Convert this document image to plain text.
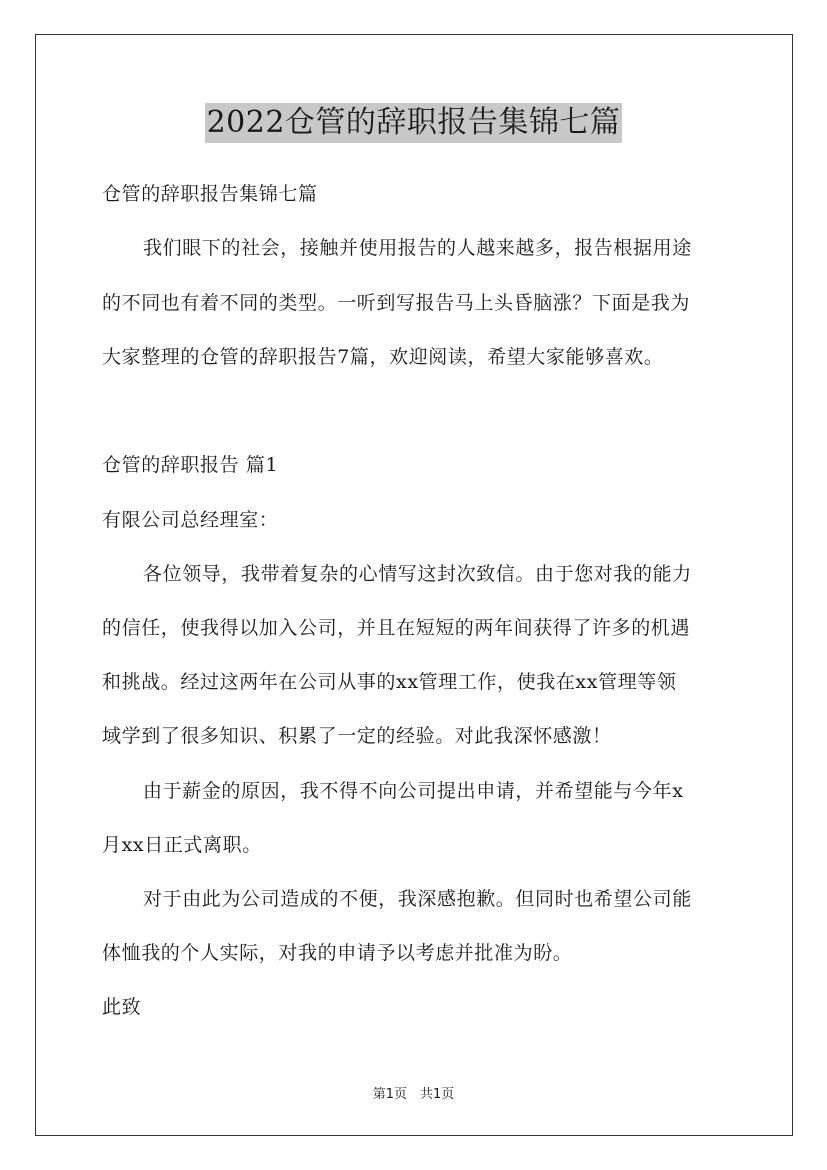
2022仓管的辞职报告集锦七篇
仓管的辞职报告集锦七篇
我们眼下的社会，接触并使用报告的人越来越多，报告根据用途
的不同也有着不同的类型。一听到写报告马上头昏脑涨？下面是我为
大家整理的仓管的辞职报告7篇，欢迎阅读，希望大家能够喜欢。
仓管的辞职报告 篇1
有限公司总经理室：
各位领导，我带着复杂的心情写这封次致信。由于您对我的能力
的信任，使我得以加入公司，并且在短短的两年间获得了许多的机遇
和挑战。经过这两年在公司从事的xx管理工作，使我在xx管理等领
域学到了很多知识、积累了一定的经验。对此我深怀感激！
由于薪金的原因，我不得不向公司提出申请，并希望能与今年x
月xx日正式离职。
对于由此为公司造成的不便，我深感抱歉。但同时也希望公司能
体恤我的个人实际，对我的申请予以考虑并批准为盼。
此致
第1页　共1页
